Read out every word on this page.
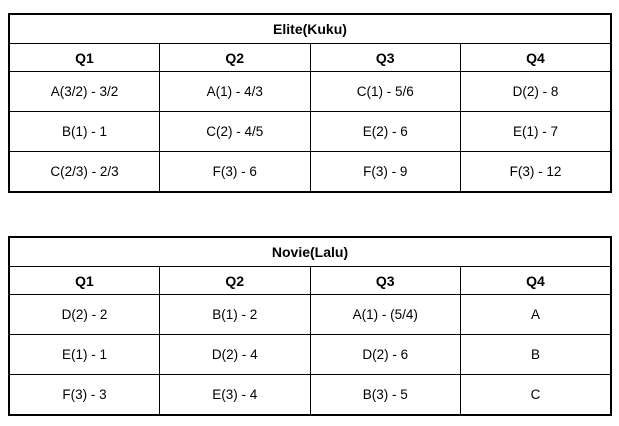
Elite(Kuku)			
Q1	Q2	Q3	Q4
A(3/2) - 3/2	A(1) - 4/3	C(1) - 5/6	D(2) - 8
B(1) - 1	C(2) - 4/5	E(2) - 6	E(1) - 7
C(2/3) - 2/3	F(3) - 6	F(3) - 9	F(3) - 12
Novie(Lalu)			
Q1	Q2	Q3	Q4
D(2) - 2	B(1) - 2	A(1) - (5/4)	A
E(1) - 1	D(2) - 4	D(2) - 6	B
F(3) - 3	E(3) - 4	B(3) - 5	C
